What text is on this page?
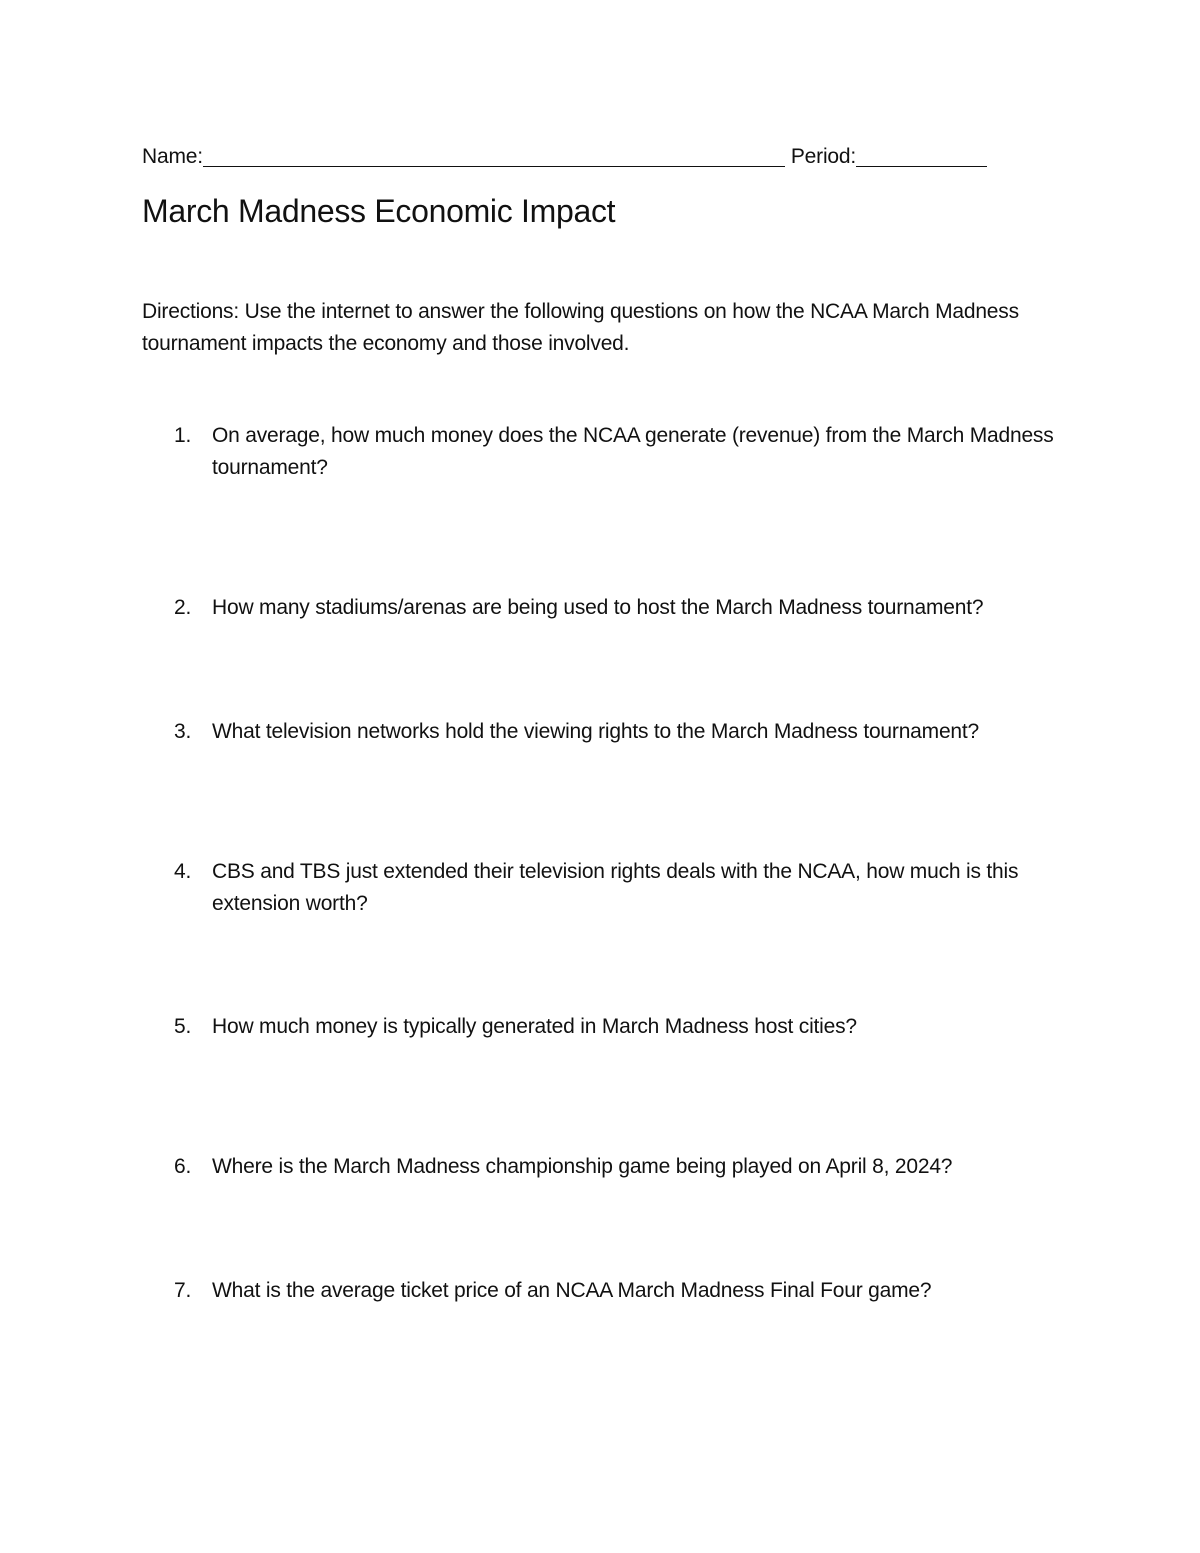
Name:	Period:
March Madness Economic Impact

Directions: Use the internet to answer the following questions on how the NCAA March Madness tournament impacts the economy and those involved.

1. On average, how much money does the NCAA generate (revenue) from the March Madness tournament?
2. How many stadiums/arenas are being used to host the March Madness tournament?
3. What television networks hold the viewing rights to the March Madness tournament?
4. CBS and TBS just extended their television rights deals with the NCAA, how much is this extension worth?
5. How much money is typically generated in March Madness host cities?
6. Where is the March Madness championship game being played on April 8, 2024?
7. What is the average ticket price of an NCAA March Madness Final Four game?
